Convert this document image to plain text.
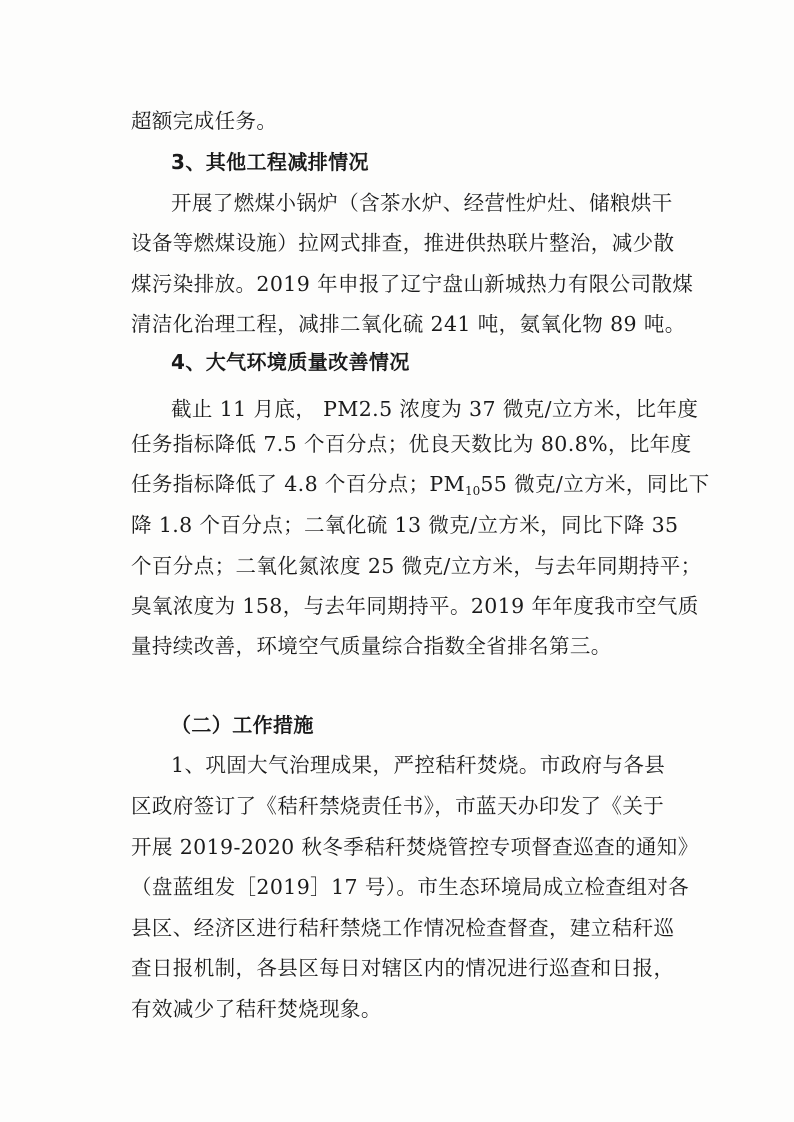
超额完成任务。
3、其他工程减排情况
开展了燃煤小锅炉（含茶水炉、经营性炉灶、储粮烘干
设备等燃煤设施）拉网式排查，推进供热联片整治，减少散
煤污染排放。2019 年申报了辽宁盘山新城热力有限公司散煤
清洁化治理工程，减排二氧化硫 241 吨，氨氧化物 89 吨。
4、大气环境质量改善情况
截止 11 月底， PM2.5 浓度为 37 微克/立方米，比年度
任务指标降低 7.5 个百分点；优良天数比为 80.8%，比年度
任务指标降低了 4.8 个百分点；$PM_{10}55$ 微克/立方米，同比下
降 1.8 个百分点；二氧化硫 13 微克/立方米，同比下降 35
个百分点；二氧化氮浓度 25 微克/立方米，与去年同期持平；
臭氧浓度为 158，与去年同期持平。2019 年年度我市空气质
量持续改善，环境空气质量综合指数全省排名第三。
（二）工作措施
1、巩固大气治理成果，严控秸秆焚烧。市政府与各县
区政府签订了《秸秆禁烧责任书》，市蓝天办印发了《关于
开展 2019-2020 秋冬季秸秆焚烧管控专项督查巡查的通知》
（盘蓝组发［2019］17 号）。市生态环境局成立检查组对各
县区、经济区进行秸秆禁烧工作情况检查督查，建立秸秆巡
查日报机制，各县区每日对辖区内的情况进行巡查和日报，
有效减少了秸秆焚烧现象。
